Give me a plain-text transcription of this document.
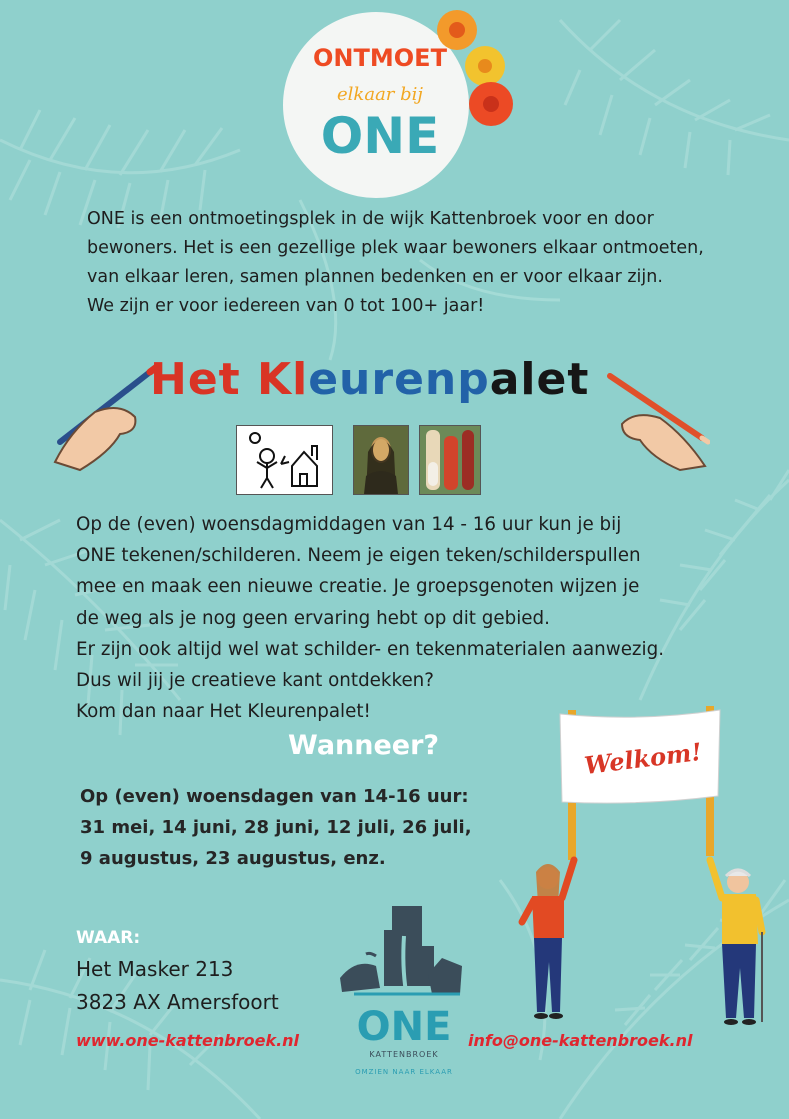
ONTMOET
elkaar bij
ONE
ONE is een ontmoetingsplek in de wijk Kattenbroek voor en door
bewoners. Het is een gezellige plek waar bewoners elkaar ontmoeten,
van elkaar leren, samen plannen bedenken en er voor elkaar zijn.
We zijn er voor iedereen van 0 tot 100+ jaar!
Het Kleurenpalet
Op de (even) woensdagmiddagen van 14 - 16 uur kun je bij
ONE tekenen/schilderen. Neem je eigen teken/schilderspullen
mee en maak een nieuwe creatie. Je groepsgenoten wijzen je
de weg als je nog geen ervaring hebt op dit gebied.
Er zijn ook altijd wel wat schilder- en tekenmaterialen aanwezig.
Dus wil jij je creatieve kant ontdekken?
Kom dan naar Het Kleurenpalet!
Wanneer?
Op (even) woensdagen van 14-16 uur:
31 mei, 14 juni, 28 juni, 12 juli, 26 juli,
9 augustus, 23 augustus, enz.
Welkom!
WAAR:
Het Masker 213
3823 AX Amersfoort
ONE
KATTENBROEK
OMZIEN NAAR ELKAAR
www.one-kattenbroek.nl	info@one-kattenbroek.nl
